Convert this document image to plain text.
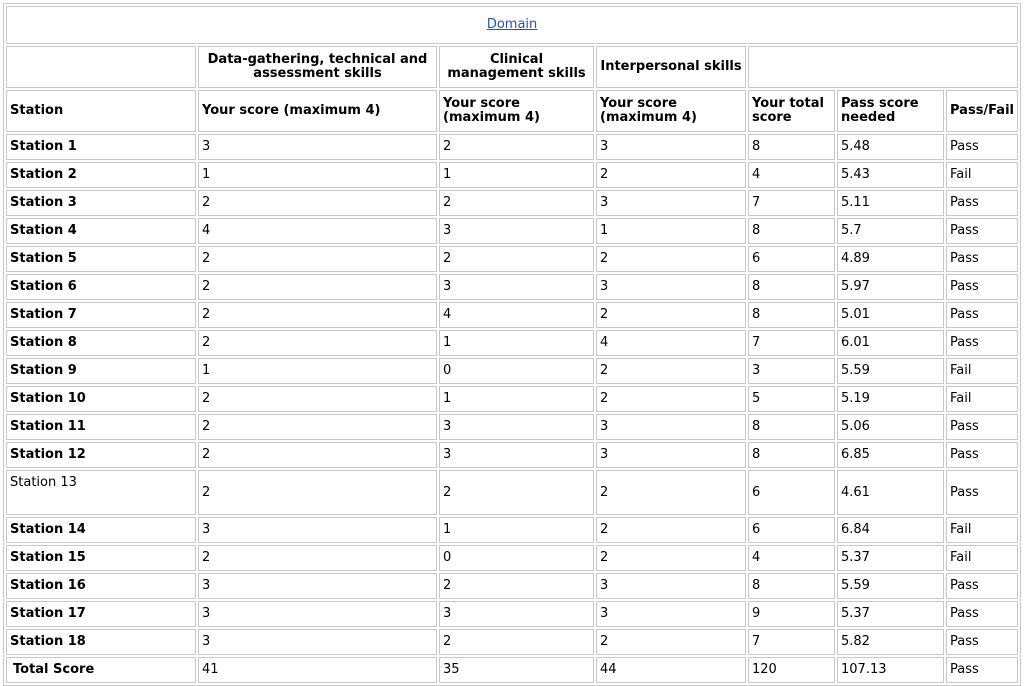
Domain						
	Data-gathering, technical and assessment skills	Clinical management skills	Interpersonal skills			
Station	Your score (maximum 4)	Your score (maximum 4)	Your score (maximum 4)	Your total score	Pass score needed	Pass/Fail
Station 1	3	2	3	8	5.48	Pass
Station 2	1	1	2	4	5.43	Fail
Station 3	2	2	3	7	5.11	Pass
Station 4	4	3	1	8	5.7	Pass
Station 5	2	2	2	6	4.89	Pass
Station 6	2	3	3	8	5.97	Pass
Station 7	2	4	2	8	5.01	Pass
Station 8	2	1	4	7	6.01	Pass
Station 9	1	0	2	3	5.59	Fail
Station 10	2	1	2	5	5.19	Fail
Station 11	2	3	3	8	5.06	Pass
Station 12	2	3	3	8	6.85	Pass
Station 13	2	2	2	6	4.61	Pass
Station 14	3	1	2	6	6.84	Fail
Station 15	2	0	2	4	5.37	Fail
Station 16	3	2	3	8	5.59	Pass
Station 17	3	3	3	9	5.37	Pass
Station 18	3	2	2	7	5.82	Pass
Total Score	41	35	44	120	107.13	Pass
